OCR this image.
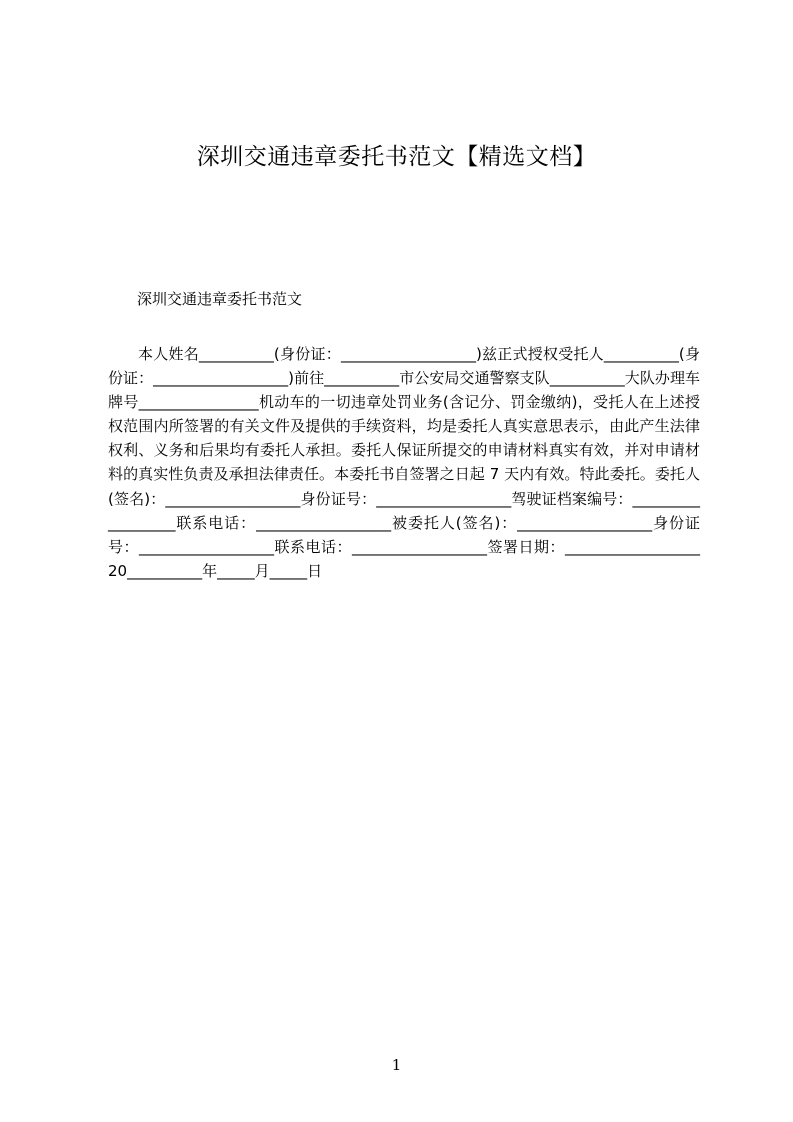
深圳交通违章委托书范文【精选文档】
深圳交通违章委托书范文

本人姓名__________(身份证：__________________)兹正式授权受托人__________(身份证：__________________)前往__________市公安局交通警察支队__________大队办理车牌号________________机动车的一切违章处罚业务(含记分、罚金缴纳)，受托人在上述授权范围内所签署的有关文件及提供的手续资料，均是委托人真实意思表示，由此产生法律权利、义务和后果均有委托人承担。委托人保证所提交的申请材料真实有效，并对申请材料的真实性负责及承担法律责任。本委托书自签署之日起 7 天内有效。特此委托。委托人(签名)：__________________身份证号：__________________驾驶证档案编号：__________________联系电话：__________________被委托人(签名)：__________________身份证号：__________________联系电话：__________________签署日期：__________________20__________年_____月_____日

1
